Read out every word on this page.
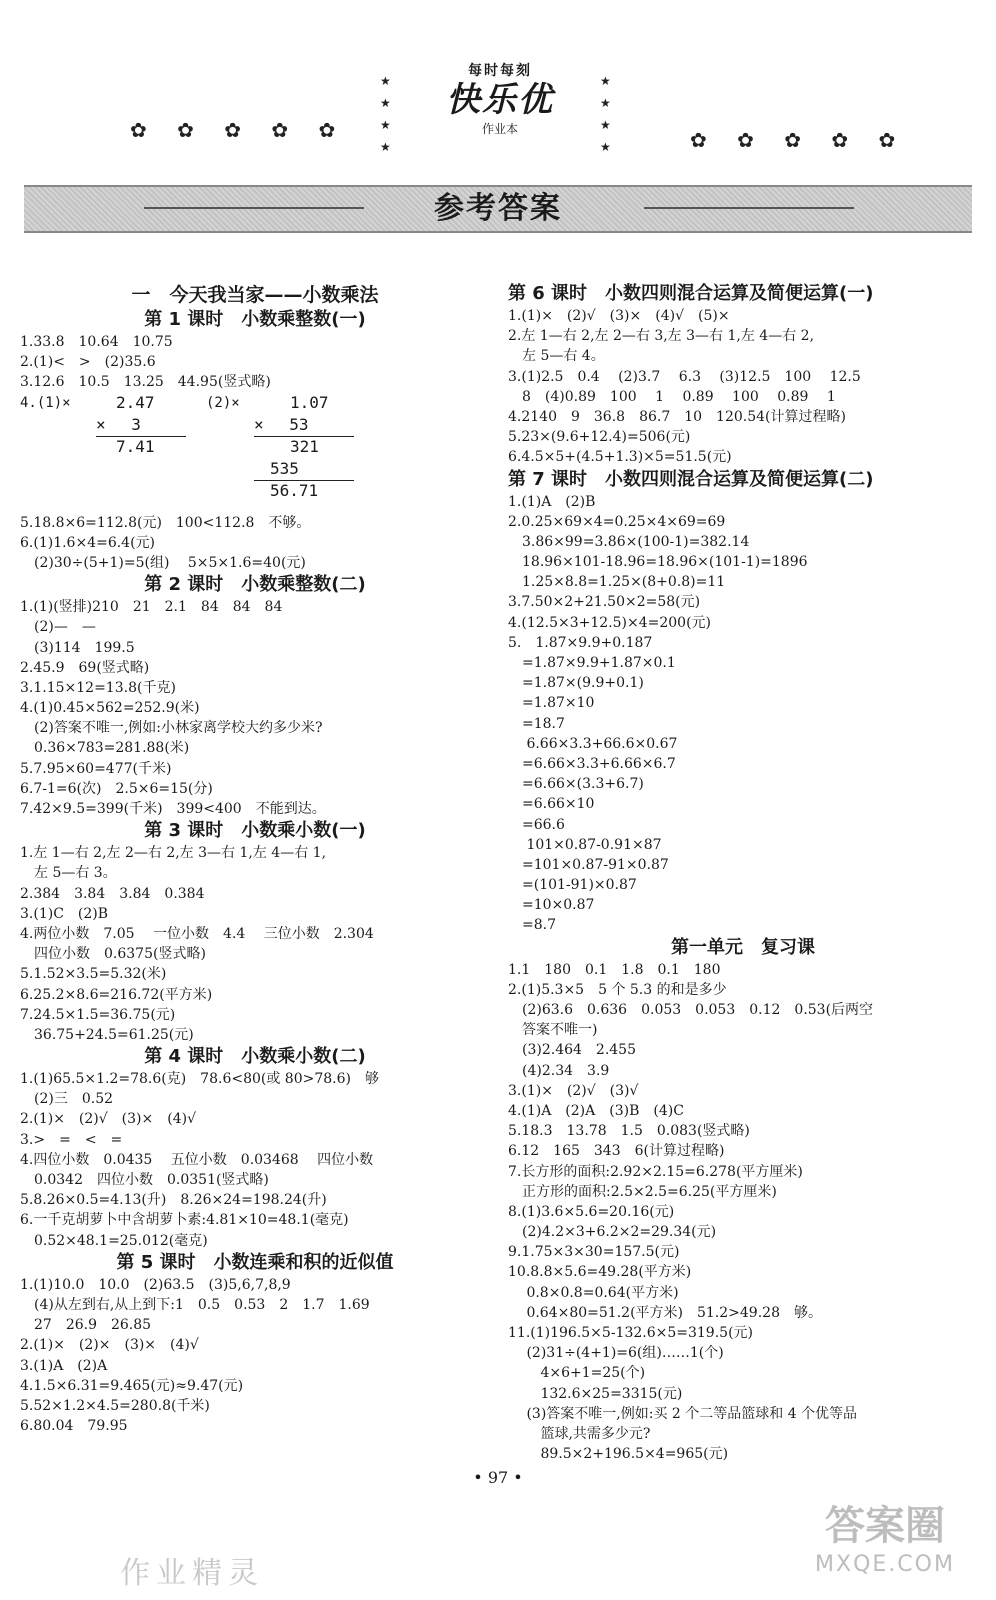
✿ ✿ ✿ ✿ ✿	✿ ✿ ✿ ✿ ✿
★
★
★
★
★
★
★
★
每时每刻
快乐优
作业本
参考答案
一　今天我当家——小数乘法
第 1 课时　小数乘整数(一)
1.33.8　10.64　10.75
2.(1)<　>　(2)35.6
3.12.6　10.5　13.25　44.95(竖式略)
4.(1)×	2.47
×　 3
7.41
(2)×	1.07
×　 53
321
535
56.71
5.18.8×6=112.8(元)　100<112.8　不够。
6.(1)1.6×4=6.4(元)
　(2)30÷(5+1)=5(组)　 5×5×1.6=40(元)
第 2 课时　小数乘整数(二)
1.(1)(竖排)210　21　2.1　84　84　84
　(2)—　—
　(3)114　199.5
2.45.9　69(竖式略)
3.1.15×12=13.8(千克)
4.(1)0.45×562=252.9(米)
　(2)答案不唯一,例如:小林家离学校大约多少米?
　0.36×783=281.88(米)
5.7.95×60=477(千米)
6.7-1=6(次)　2.5×6=15(分)
7.42×9.5=399(千米)　399<400　不能到达。
第 3 课时　小数乘小数(一)
1.左 1—右 2,左 2—右 2,左 3—右 1,左 4—右 1,
　左 5—右 3。
2.384　3.84　3.84　0.384
3.(1)C　(2)B
4.两位小数　7.05　 一位小数　4.4　 三位小数　2.304
　四位小数　0.6375(竖式略)
5.1.52×3.5=5.32(米)
6.25.2×8.6=216.72(平方米)
7.24.5×1.5=36.75(元)
　36.75+24.5=61.25(元)
第 4 课时　小数乘小数(二)
1.(1)65.5×1.2=78.6(克)　78.6<80(或 80>78.6)　够
　(2)三　0.52
2.(1)×　(2)√　(3)×　(4)√
3.>　=　<　=
4.四位小数　0.0435　 五位小数　0.03468　 四位小数
　0.0342　四位小数　0.0351(竖式略)
5.8.26×0.5=4.13(升)　8.26×24=198.24(升)
6.一千克胡萝卜中含胡萝卜素:4.81×10=48.1(毫克)
　0.52×48.1=25.012(毫克)
第 5 课时　小数连乘和积的近似值
1.(1)10.0　10.0　(2)63.5　(3)5,6,7,8,9
　(4)从左到右,从上到下:1　0.5　0.53　2　1.7　1.69
　27　26.9　26.85
2.(1)×　(2)×　(3)×　(4)√
3.(1)A　(2)A
4.1.5×6.31=9.465(元)≈9.47(元)
5.52×1.2×4.5=280.8(千米)
6.80.04　79.95
第 6 课时　小数四则混合运算及简便运算(一)
1.(1)×　(2)√　(3)×　(4)√　(5)×
2.左 1—右 2,左 2—右 3,左 3—右 1,左 4—右 2,
　左 5—右 4。
3.(1)2.5　0.4　 (2)3.7　 6.3　 (3)12.5　100　 12.5
　8　(4)0.89　100　 1　 0.89　 100　 0.89　 1
4.2140　9　36.8　86.7　10　120.54(计算过程略)
5.23×(9.6+12.4)=506(元)
6.4.5×5+(4.5+1.3)×5=51.5(元)
第 7 课时　小数四则混合运算及简便运算(二)
1.(1)A　(2)B
2.0.25×69×4=0.25×4×69=69
　3.86×99=3.86×(100-1)=382.14
　18.96×101-18.96=18.96×(101-1)=1896
　1.25×8.8=1.25×(8+0.8)=11
3.7.50×2+21.50×2=58(元)
4.(12.5×3+12.5)×4=200(元)
5.　1.87×9.9+0.187
　=1.87×9.9+1.87×0.1
　=1.87×(9.9+0.1)
　=1.87×10
　=18.7
　 6.66×3.3+66.6×0.67
　=6.66×3.3+6.66×6.7
　=6.66×(3.3+6.7)
　=6.66×10
　=66.6
　 101×0.87-0.91×87
　=101×0.87-91×0.87
　=(101-91)×0.87
　=10×0.87
　=8.7
第一单元　复习课
1.1　180　0.1　1.8　0.1　180
2.(1)5.3×5　5 个 5.3 的和是多少
　(2)63.6　0.636　0.053　0.053　0.12　0.53(后两空
　答案不唯一)
　(3)2.464　2.455
　(4)2.34　3.9
3.(1)×　(2)√　(3)√
4.(1)A　(2)A　(3)B　(4)C
5.18.3　13.78　1.5　0.083(竖式略)
6.12　165　343　6(计算过程略)
7.长方形的面积:2.92×2.15=6.278(平方厘米)
　正方形的面积:2.5×2.5=6.25(平方厘米)
8.(1)3.6×5.6=20.16(元)
　(2)4.2×3+6.2×2=29.34(元)
9.1.75×3×30=157.5(元)
10.8.8×5.6=49.28(平方米)
　 0.8×0.8=0.64(平方米)
　 0.64×80=51.2(平方米)　51.2>49.28　够。
11.(1)196.5×5-132.6×5=319.5(元)
　 (2)31÷(4+1)=6(组)……1(个)
　　 4×6+1=25(个)
　　 132.6×25=3315(元)
　 (3)答案不唯一,例如:买 2 个二等品篮球和 4 个优等品
　　 篮球,共需多少元?
　　 89.5×2+196.5×4=965(元)
• 97 •
作业精灵
答案圈
MXQE.COM
